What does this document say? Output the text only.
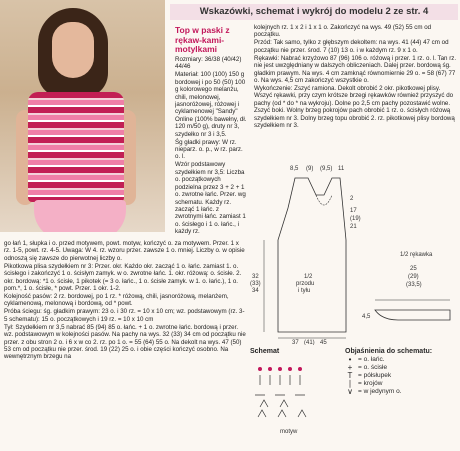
Wskazówki, schemat i wykrój do modelu 2 ze str. 4
Top w paski z rękaw-kami-motylkami

Rozmiary: 36/38 (40/42) 44/46

Materiał: 100 (100) 150 g bordowej i po 50 (50) 100 g kolorowego melanżu, chili, melonowej, jasnoróżowej, różowej i cyklamenowej "Sandy" Online (100% bawełny, dł. 120 m/50 g), druty nr 3, szydełko nr 3 i 3,5.

Śg gładki prawy: W rz. nieparz. o. p., w rz. parz. o. l.

Wzór podstawowy szydełkiem nr 3,5: Liczba o. początkowych podzielna przez 3 + 2 + 1 o. zwrotne łańc. Przer. wg schematu. Każdy rz. zacząć 1 łańc. z zwrotnymi łańc. zamiast 1 o. ścisłego i 1 o. łańc., i każdy rz.

go łań 1, słupka i o. przed motywem, powt. motyw, kończyć o. za motywem. Przer. 1 x rz. 1-5, powt. rz. 4-5. Uwaga: W 4. rz. wzoru przer. zawsze 1 o. mniej. Liczby o. w opisie odnoszą się zawsze do pierwotnej liczby o.

Pikotkowa plisa szydełkiem nr 3: Przer. okr. Każdo okr. zacząć 1 o. łańc. zamiast 1. o. ścisłego i zakończyć 1 o. ścisłym zamyk. w o. zwrotne łańc. 1. okr. różową: o. ścisłe. 2. okr. bordową: *1 o. ścisłe, 1 pikotek (= 3 o. łańc., 1 o. ścisłe zamyk. w 1. o. łańc.), 1 o. pom.*, 1 o. ścisłe, * powt. Przer. 1 okr. 1-2.

Kolejność pasów: 2 rz. bordowej, po 1 rz. * różową, chili, jasnoróżową, melanżem, cyklamenową, melonową i bordową, od * powt.

Próba ściegu: śg. gładkim prawym: 23 o. i 30 rz. = 10 x 10 cm; wz. podstawowym (rz. 3-5 schematu): 15 o. początkowych i 19 rz. = 10 x 10 cm

Tył: Szydełkiem nr 3,5 nabrać 85 (94) 85 o. łańc. + 1 o. zwrotne łańc. bordową i przer. wz. podstawowym w kolejności pasów. Na pachy na wys. 32 (33) 34 cm od początku nie przer. z obu stron 2 o. i 6 x w co 2. rz. po 1 o. = 55 (64) 55 o. Na dekolt na wys. 47 (50) 53 cm od początku nie przer. środ. 19 (22) 25 o. i obie części kończyć osobno. Na wewnętrznym brzegu na

kolejnych rz. 1 x 2 i 1 x 1 o. Zakończyć na wys. 49 (52) 55 cm od początku.

Przód: Tak samo, tylko z głębszym dekoltem: na wys. 41 (44) 47 cm od początku nie przer. środ. 7 (10) 13 o. i w każdym rz. 9 x 1 o.

Rękawki: Nabrać krzyżowo 87 (96) 106 o. różową i przer. 1 rz. o. l. Tan rz. nie jest uwzględniany w dalszych obliczeniach. Dalej przer. bordową śg. gładkim prawym. Na wys. 4 cm zamknąć równomiernie 29 o. = 58 (67) 77 o. Na wys. 4,5 cm zakończyć wszystkie o.

Wykończenie: Zszyć ramiona. Dekolt obrobić 2 okr. pikotkowej plisy. Wszyć rękawki, przy czym krótsze brzegi rękawków również przyszyć do pachy (od * do * na wykroju). Dolne po 2,5 cm pachy pozostawić wolne. Zszyć boki. Wolny brzeg pokrojów pach obrobić 1 rz. o. ścisłych różową szydełkiem nr 3. Dolny brzeg topu obrobić 2. rz. pikotkowej plisy bordową szydełkiem nr 3.

32
(33)
34
8,5 (9) (9,5) 11
37 (41) 45
2
17
(19)
21
1/2 przodu i tyłu
1/2 rękawka
4,5
25
(29)
(33,5)
Schemat
motyw
Objaśnienia do schematu:
•	= o. łańc.
+ = o. ścisłe
T = półsłupek
∣ = krojów
∨ = w jedynym o.
